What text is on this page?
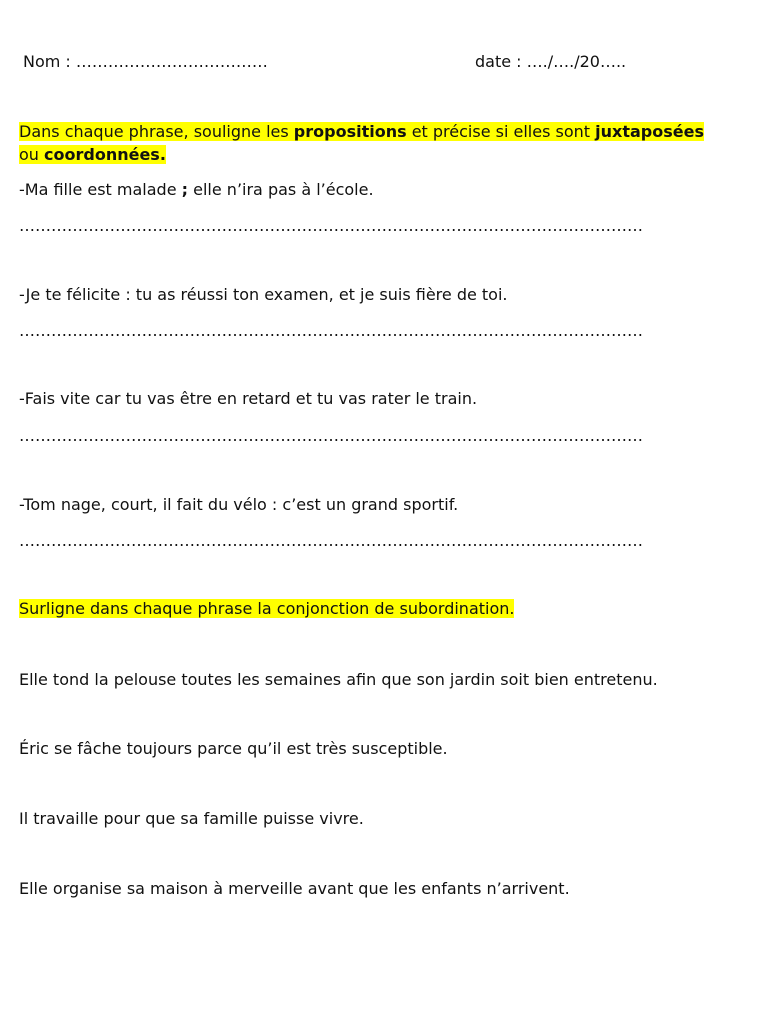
Nom : ………………………………	date : …./…./20…..
Dans chaque phrase, souligne les propositions et précise si elles sont juxtaposées
ou coordonnées.
-Ma fille est malade ; elle n’ira pas à l’école.
………………………………………………………………………………………………………
-Je te félicite : tu as réussi ton examen, et je suis fière de toi.
………………………………………………………………………………………………………
-Fais vite car tu vas être en retard et tu vas rater le train.
………………………………………………………………………………………………………
-Tom nage, court, il fait du vélo : c’est un grand sportif.
………………………………………………………………………………………………………
Surligne dans chaque phrase la conjonction de subordination.
Elle tond la pelouse toutes les semaines afin que son jardin soit bien entretenu.
Éric se fâche toujours parce qu’il est très susceptible.
Il travaille pour que sa famille puisse vivre.
Elle organise sa maison à merveille avant que les enfants n’arrivent.
